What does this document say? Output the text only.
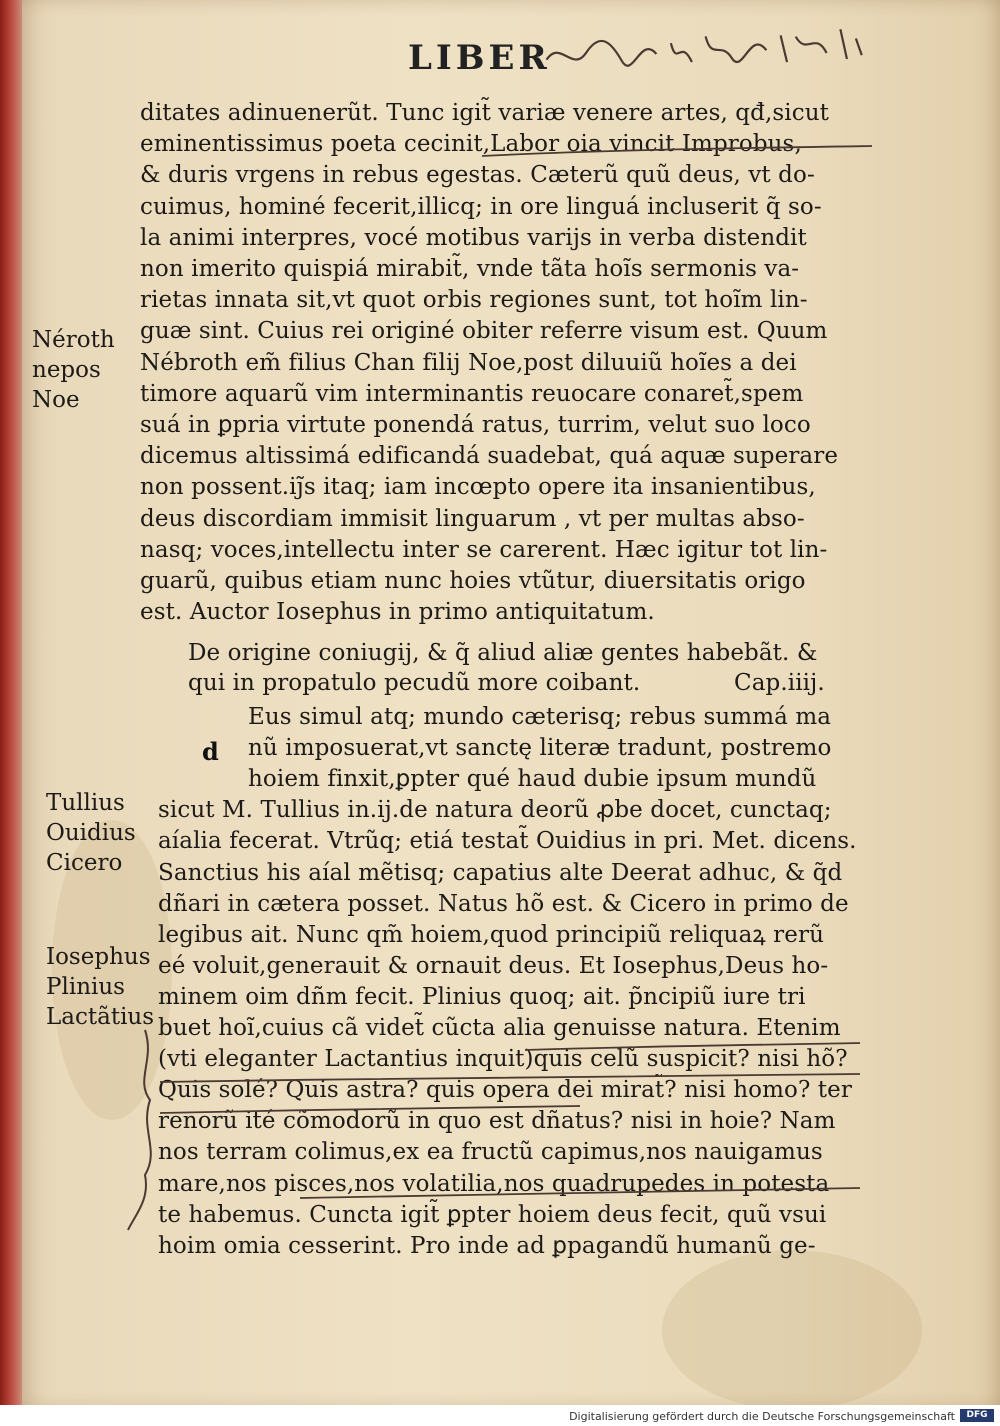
LIBER
ditates adinuenerũt. Tunc igit̃ variæ venere artes, qđ,sicut
eminentissimus poeta cecinit,Labor oia vincit Improbus,
& duris vrgens in rebus egestas. Cæterũ quũ deus, vt do-
cuimus, hominé fecerit,illicq; in ore linguá incluserit q̃ so-
la animi interpres, vocé motibus varijs in verba distendit
non imerito quispiá mirabit̃, vnde tãta hoĩs sermonis va-
rietas innata sit,vt quot orbis regiones sunt, tot hoĩm lin-
guæ sint. Cuius rei originé obiter referre visum est. Quum
Nébroth em̃ filius Chan filij Noe,post diluuiũ hoĩes a dei
timore aquarũ vim interminantis reuocare conaret̃,spem
suá in ꝑpria virtute ponendá ratus, turrim, velut suo loco
dicemus altissimá edificandá suadebat, quá aquæ superare
non possent.ij̃s itaq; iam incœpto opere ita insanientibus,
deus discordiam immisit linguarum , vt per multas abso-
nasq; voces,intellectu inter se carerent. Hæc igitur tot lin-
guarũ, quibus etiam nunc hoies vtũtur, diuersitatis origo
est. Auctor Iosephus in primo antiquitatum.
De origine coniugij, & q̃ aliud aliæ gentes habebãt. &
qui in propatulo pecudũ more coibant.	Cap.iiij.
Eus simul atq; mundo cæterisq; rebus summá ma
nũ imposuerat,vt sanctę literæ tradunt, postremo
hoiem finxit,ꝑpter qué haud dubie ipsum mundũ
sicut M. Tullius in.ij.de natura deorũ ꝓbe docet, cunctaq;
aíalia fecerat. Vtrũq; etiá testat̃ Ouidius in pri. Met. dicens.
Sanctius his aíal mẽtisq; capatius alte Deerat adhuc, & q̃d
dñari in cætera posset. Natus hõ est. & Cicero in primo de
legibus ait. Nunc qm̃ hoiem,quod principiũ reliquaꝝ rerũ
eé voluit,generauit & ornauit deus. Et Iosephus,Deus ho-
minem oim dñm fecit. Plinius quoq; ait. p̃ncipiũ iure tri
buet hoĩ,cuius cã videt̃ cũcta alia genuisse natura. Etenim
(vti eleganter Lactantius inquit)quis celũ suspicit? nisi hõ?
Quis solé? Quis astra? quis opera dei mirat̃? nisi homo? ter
renorũ ité cõmodorũ in quo est dñatus? nisi in hoie? Nam
nos terram colimus,ex ea fructũ capimus,nos nauigamus
mare,nos pisces,nos volatilia,nos quadrupedes in potesta
te habemus. Cuncta igit̃ ꝑpter hoiem deus fecit, quũ vsui
hoim omia cesserint. Pro inde ad ꝑpagandũ humanũ ge-
Néroth
nepos
Noe
Tullius
Ouidius
Cicero
Iosephus
Plinius
Lactãtius
d
Digitalisierung gefördert durch die Deutsche Forschungsgemeinschaft	DFG
